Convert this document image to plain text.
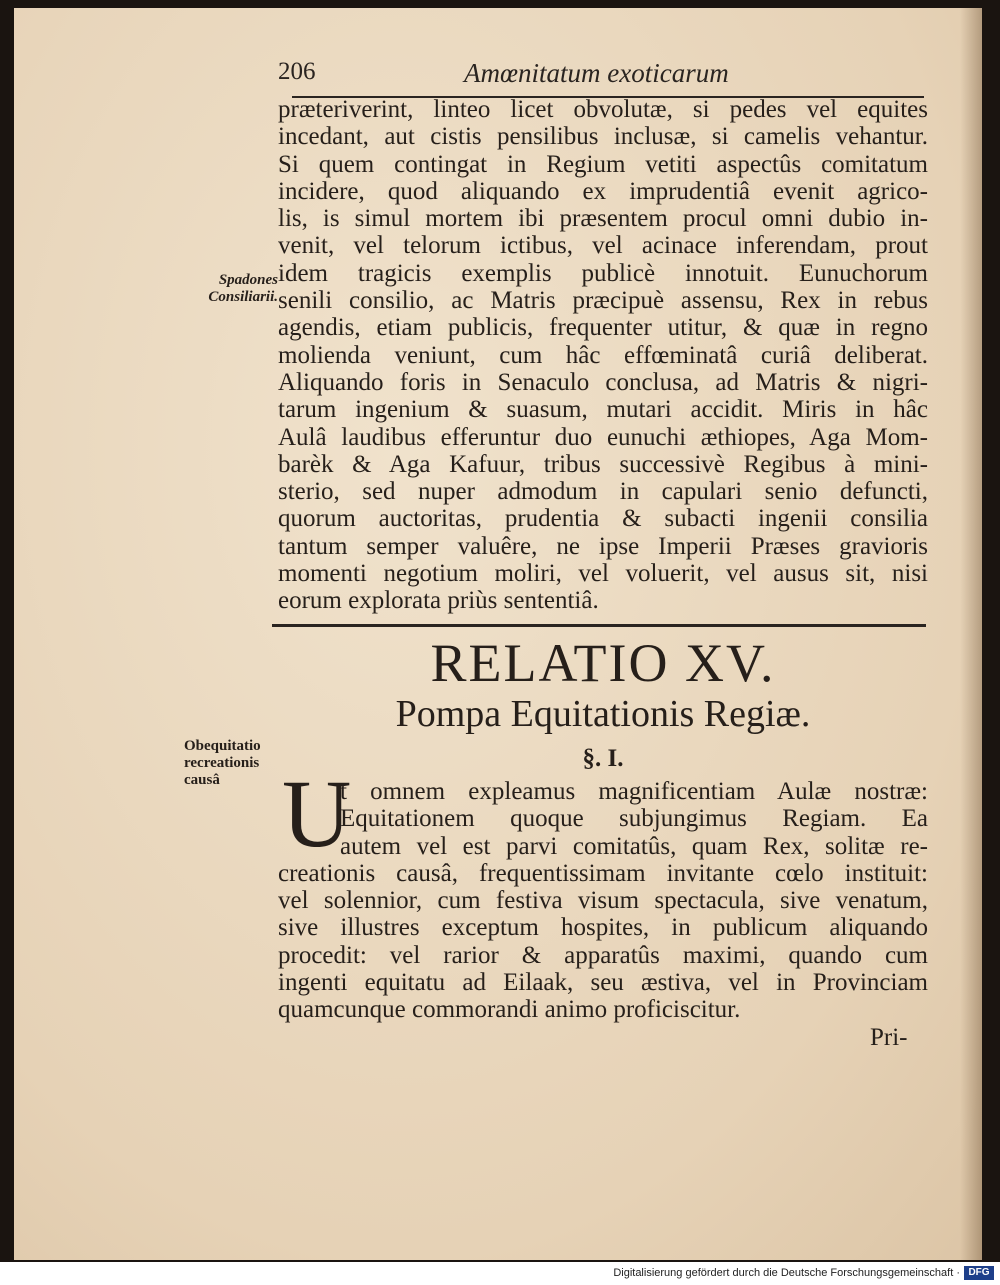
206	Amœnitatum exoticarum
præteriverint, linteo licet obvolutæ, si pedes vel equites
incedant, aut cistis pensilibus inclusæ, si camelis vehantur.
Si quem contingat in Regium vetiti aspectûs comitatum
incidere, quod aliquando ex imprudentiâ evenit agrico-
lis, is simul mortem ibi præsentem procul omni dubio in-
venit, vel telorum ictibus, vel acinace inferendam, prout
idem tragicis exemplis publicè innotuit. Eunuchorum
senili consilio, ac Matris præcipuè assensu, Rex in rebus
agendis, etiam publicis, frequenter utitur, & quæ in regno
molienda veniunt, cum hâc effœminatâ curiâ deliberat.
Aliquando foris in Senaculo conclusa, ad Matris & nigri-
tarum ingenium & suasum, mutari accidit. Miris in hâc
Aulâ laudibus efferuntur duo eunuchi æthiopes, Aga Mom-
barèk & Aga Kafuur, tribus successivè Regibus à mini-
sterio, sed nuper admodum in capulari senio defuncti,
quorum auctoritas, prudentia & subacti ingenii consilia
tantum semper valuêre, ne ipse Imperii Præses gravioris
momenti negotium moliri, vel voluerit, vel ausus sit, nisi
eorum explorata priùs sententiâ.
Spadones Consiliarii.
RELATIO XV.
Pompa Equitationis Regiæ.
§. I.
Obequitatio recreationis causâ U
t omnem expleamus magnificentiam Aulæ nostræ:
Equitationem quoque subjungimus Regiam. Ea
autem vel est parvi comitatûs, quam Rex, solitæ re-
creationis causâ, frequentissimam invitante cœlo instituit:
vel solennior, cum festiva visum spectacula, sive venatum,
sive illustres exceptum hospites, in publicum aliquando
procedit: vel rarior & apparatûs maximi, quando cum
ingenti equitatu ad Eilaak, seu æstiva, vel in Provinciam
quamcunque commorandi animo proficiscitur.
Pri-
Digitalisierung gefördert durch die Deutsche Forschungsgemeinschaft · DFG
